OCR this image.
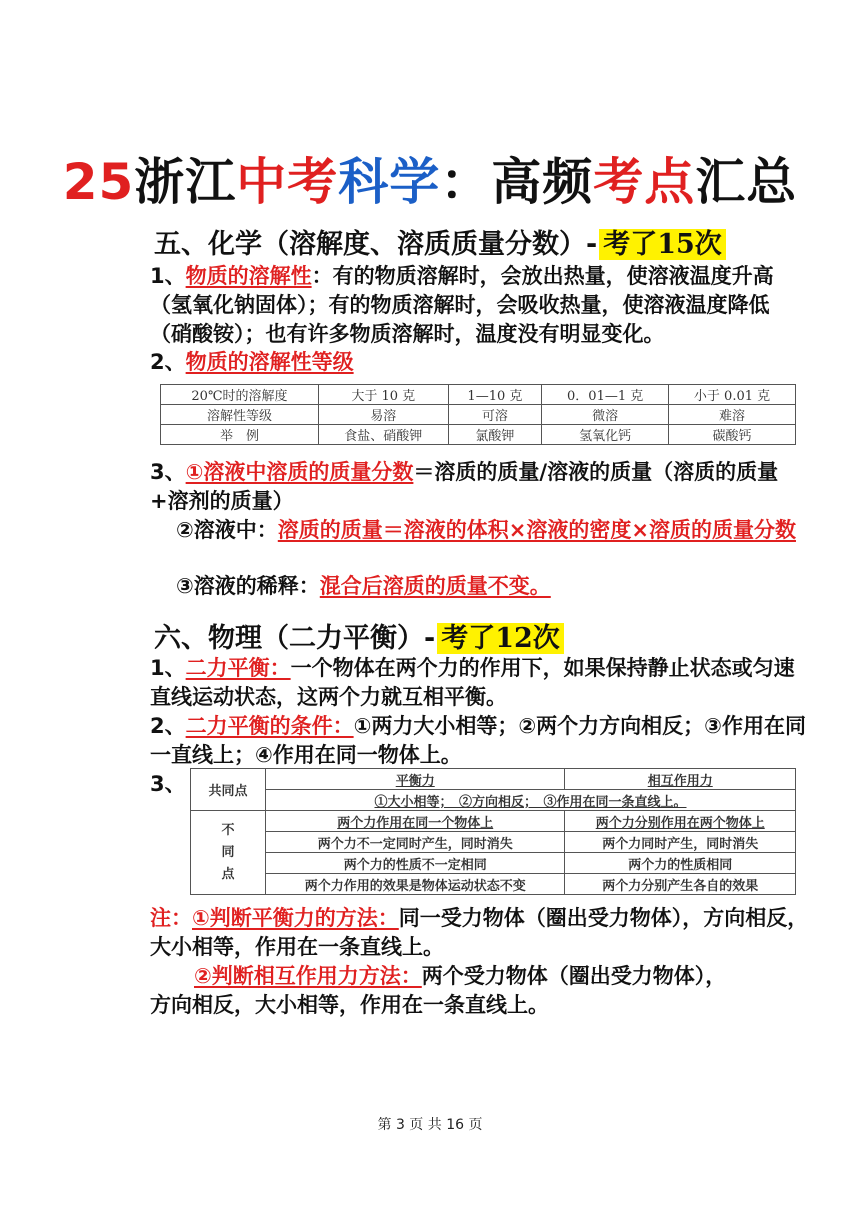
25浙江中考科学：高频考点汇总
五、化学（溶解度、溶质质量分数）- 考了15次
1、物质的溶解性：有的物质溶解时，会放出热量，使溶液温度升高（氢氧化钠固体）；有的物质溶解时，会吸收热量，使溶液温度降低（硝酸铵）；也有许多物质溶解时，温度没有明显变化。
2、物质的溶解性等级
20℃时的溶解度	大于 10 克	1—10 克	0．01—1 克	小于 0.01 克
溶解性等级	易溶	可溶	微溶	难溶
举　例	食盐、硝酸钾	氯酸钾	氢氧化钙	碳酸钙
3、①溶液中溶质的质量分数＝溶质的质量/溶液的质量（溶质的质量+溶剂的质量）
②溶液中：溶质的质量＝溶液的体积×溶液的密度×溶质的质量分数
③溶液的稀释：混合后溶质的质量不变。
六、物理（二力平衡）- 考了12次
1、二力平衡：一个物体在两个力的作用下，如果保持静止状态或匀速直线运动状态，这两个力就互相平衡。
2、二力平衡的条件：①两力大小相等；②两个力方向相反；③作用在同一直线上；④作用在同一物体上。
3、 共同点	平衡力	相互作用力
	①大小相等；　②方向相反；　③作用在同一条直线上。	
不
同
点	两个力作用在同一个物体上	两个力分别作用在两个物体上
	两个力不一定同时产生，同时消失	两个力同时产生，同时消失
	两个力的性质不一定相同	两个力的性质相同
	两个力作用的效果是物体运动状态不变	两个力分别产生各自的效果
注：①判断平衡力的方法：同一受力物体（圈出受力物体），方向相反，大小相等，作用在一条直线上。
②判断相互作用力方法：两个受力物体（圈出受力物体），
方向相反，大小相等，作用在一条直线上。
第 3 页 共 16 页
